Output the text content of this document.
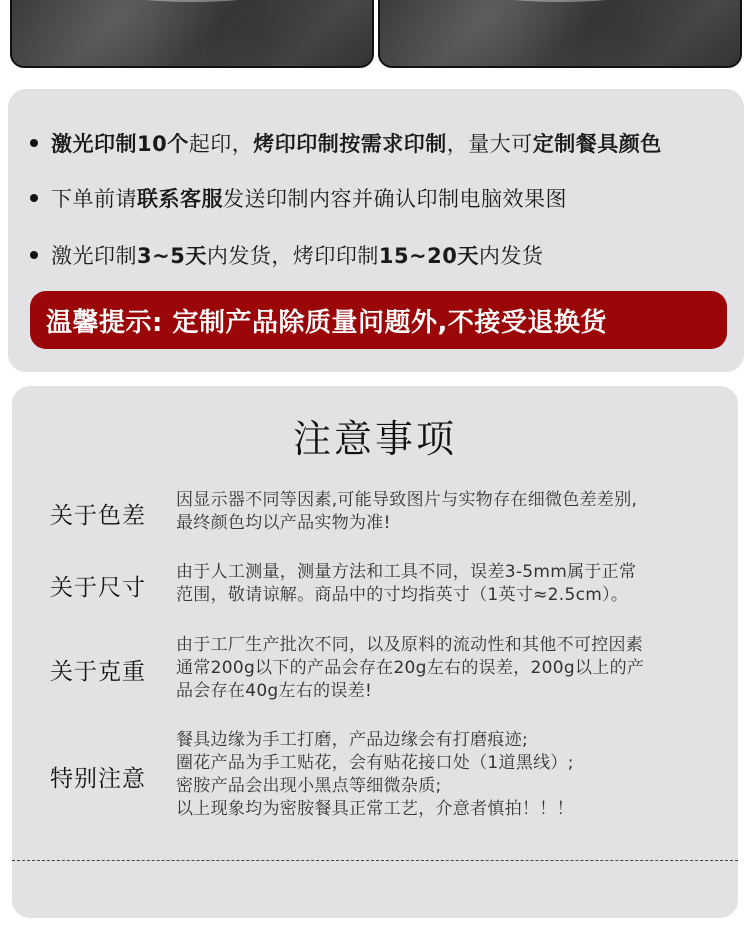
激光印制10个 起印， 烤印印制按需求印制 ，量大可 定制餐具颜色
下单前请 联系客服 发送印制内容并确认印制电脑效果图
激光印制 3~5天 内发货，烤印印制 15~20天 内发货
温馨提示: 定制产品除质量问题外,不接受退换货
注意事项
关于色差
因显示器不同等因素,可能导致图片与实物存在细微色差差别,
最终颜色均以产品实物为准!
关于尺寸
由于人工测量，测量方法和工具不同，误差3-5mm属于正常
范围，敬请谅解。商品中的寸均指英寸（1英寸≈2.5cm）。
关于克重
由于工厂生产批次不同，以及原料的流动性和其他不可控因素
通常200g以下的产品会存在20g左右的误差，200g以上的产
品会存在40g左右的误差!
特别注意
餐具边缘为手工打磨，产品边缘会有打磨痕迹;
圈花产品为手工贴花，会有贴花接口处（1道黑线）;
密胺产品会出现小黑点等细微杂质;
以上现象均为密胺餐具正常工艺，介意者慎拍！！！
